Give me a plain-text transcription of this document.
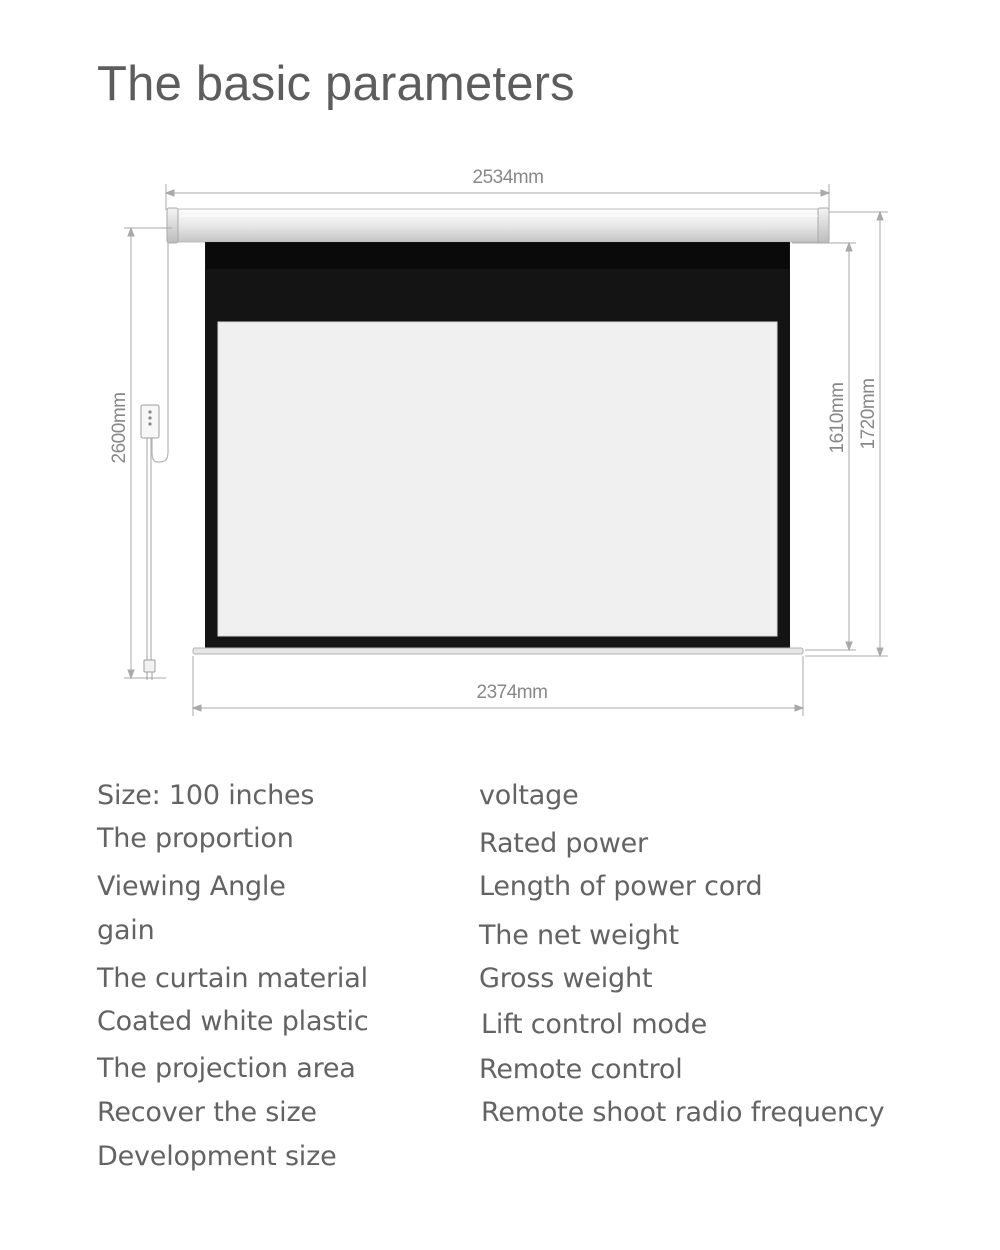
The basic parameters
2534mm
2374mm
2600mm	1610mm 1720mm
Size: 100 inches
The proportion
Viewing Angle
gain
The curtain material
Coated white plastic
The projection area
Recover the size
Development size
voltage
Rated power
Length of power cord
The net weight
Gross weight
Lift control mode
Remote control
Remote shoot radio frequency
